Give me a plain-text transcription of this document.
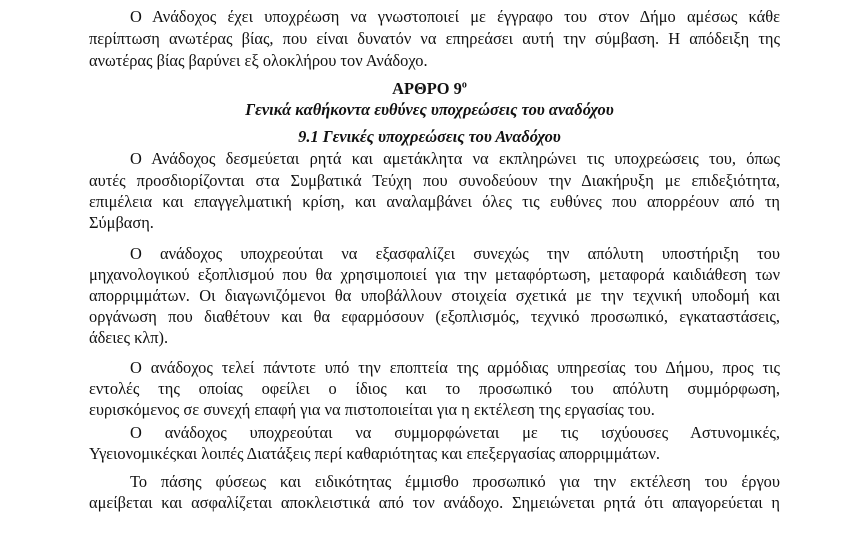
Ο Ανάδοχος έχει υποχρέωση να γνωστοποιεί με έγγραφο του στον Δήμο αμέσως κάθε

περίπτωση ανωτέρας βίας, που είναι δυνατόν να επηρεάσει αυτή την σύμβαση. Η απόδειξη της

ανωτέρας βίας βαρύνει εξ ολοκλήρου τον Ανάδοχο.

ΑΡΘΡΟ $9^o$

Γενικά καθήκοντα ευθύνες υποχρεώσεις του αναδόχου

9.1 Γενικές υποχρεώσεις του Αναδόχου

Ο Ανάδοχος δεσμεύεται ρητά και αμετάκλητα να εκπληρώνει τις υποχρεώσεις του, όπως

αυτές προσδιορίζονται στα Συμβατικά Τεύχη που συνοδεύουν την Διακήρυξη με επιδεξιότητα,

επιμέλεια και επαγγελματική κρίση, και αναλαμβάνει όλες τις ευθύνες που απορρέουν από τη

Σύμβαση.

Ο ανάδοχος υποχρεούται να εξασφαλίζει συνεχώς την απόλυτη υποστήριξη του

μηχανολογικού εξοπλισμού που θα χρησιμοποιεί για την μεταφόρτωση, μεταφορά καιδιάθεση των

απορριμμάτων. Οι διαγωνιζόμενοι θα υποβάλλουν στοιχεία σχετικά με την τεχνική υποδομή και

οργάνωση που διαθέτουν και θα εφαρμόσουν (εξοπλισμός, τεχνικό προσωπικό, εγκαταστάσεις,

άδειες κλπ).

Ο ανάδοχος τελεί πάντοτε υπό την εποπτεία της αρμόδιας υπηρεσίας του Δήμου, προς τις

εντολές της οποίας οφείλει ο ίδιος και το προσωπικό του απόλυτη συμμόρφωση,

ευρισκόμενος σε συνεχή επαφή για να πιστοποιείται για η εκτέλεση της εργασίας του.

Ο ανάδοχος υποχρεούται να συμμορφώνεται με τις ισχύουσες Αστυνομικές,

Υγειονομικέςκαι λοιπές Διατάξεις περί καθαριότητας και επεξεργασίας απορριμμάτων.

Το πάσης φύσεως και ειδικότητας έμμισθο προσωπικό για την εκτέλεση του έργου

αμείβεται και ασφαλίζεται αποκλειστικά από τον ανάδοχο. Σημειώνεται ρητά ότι απαγορεύεται η
